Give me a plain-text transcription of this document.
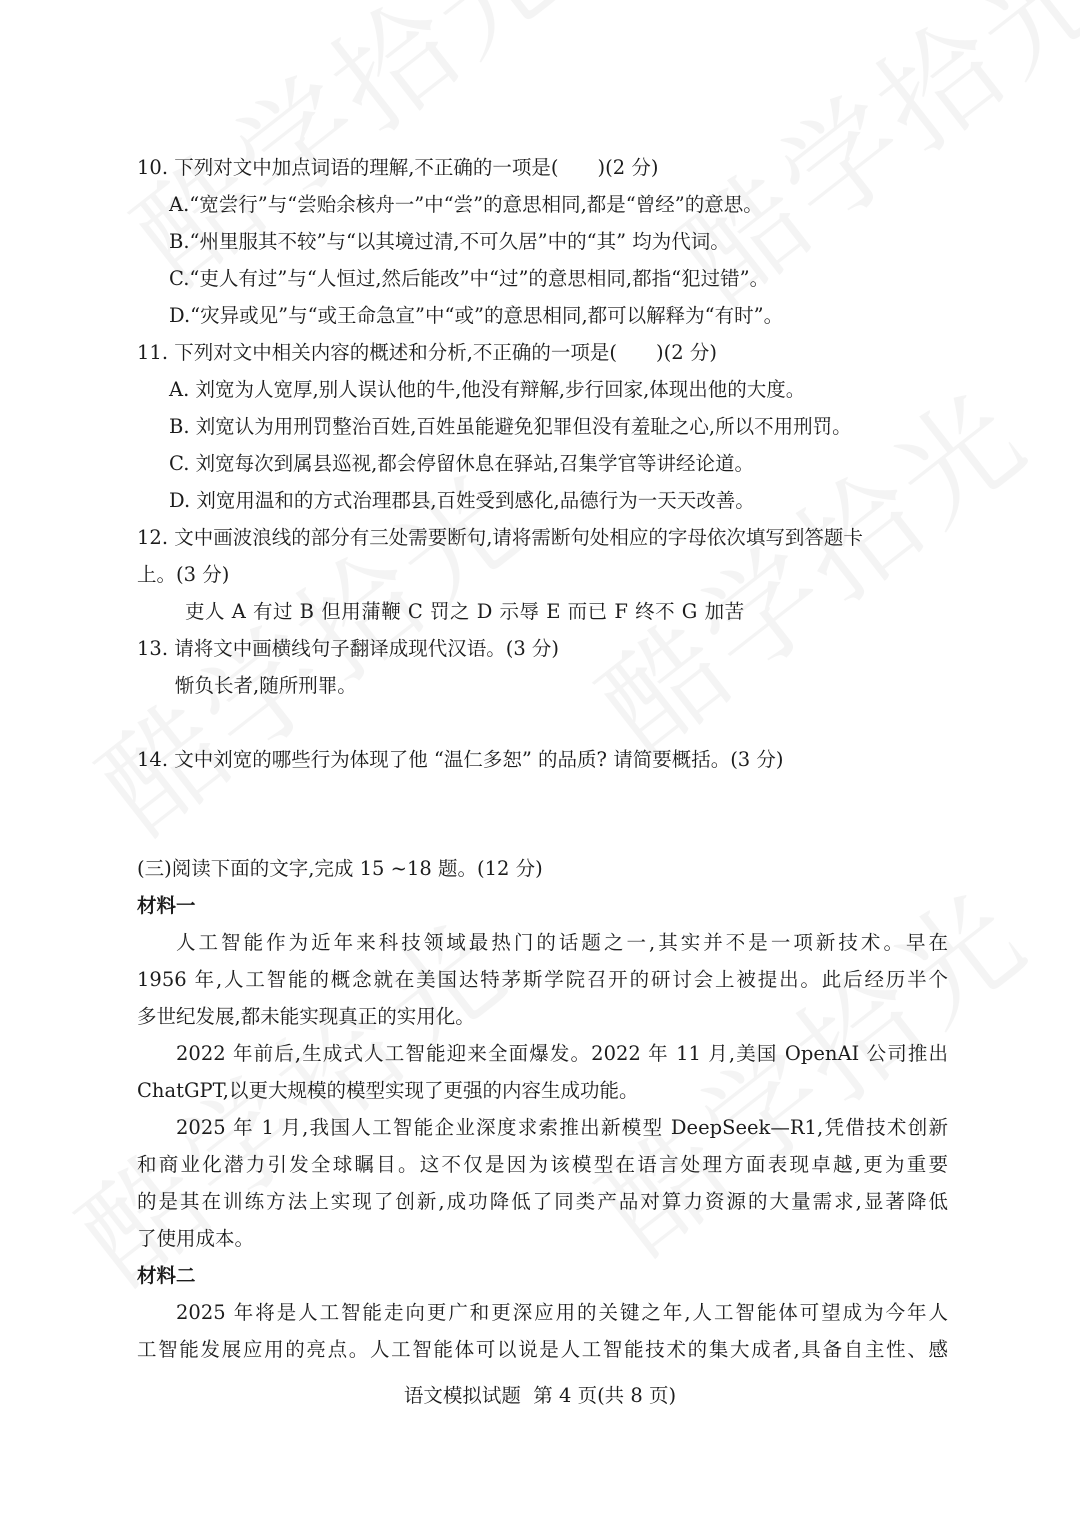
10. 下列对文中加点词语的理解,不正确的一项是(　　)(2 分)
A.“宽尝行”与“尝贻余核舟一”中“尝”的意思相同,都是“曾经”的意思。
B.“州里服其不较”与“以其境过清,不可久居”中的“其” 均为代词。
C.“吏人有过”与“人恒过,然后能改”中“过”的意思相同,都指“犯过错”。
D.“灾异或见”与“或王命急宣”中“或”的意思相同,都可以解释为“有时”。
11. 下列对文中相关内容的概述和分析,不正确的一项是(　　)(2 分)
A. 刘宽为人宽厚,别人误认他的牛,他没有辩解,步行回家,体现出他的大度。
B. 刘宽认为用刑罚整治百姓,百姓虽能避免犯罪但没有羞耻之心,所以不用刑罚。
C. 刘宽每次到属县巡视,都会停留休息在驿站,召集学官等讲经论道。
D. 刘宽用温和的方式治理郡县,百姓受到感化,品德行为一天天改善。
12. 文中画波浪线的部分有三处需要断句,请将需断句处相应的字母依次填写到答题卡
上。(3 分)
吏人 A 有过 B 但用蒲鞭 C 罚之 D 示辱 E 而已 F 终不 G 加苦
13. 请将文中画横线句子翻译成现代汉语。(3 分)
惭负长者,随所刑罪。
14. 文中刘宽的哪些行为体现了他 “温仁多恕” 的品质? 请简要概括。(3 分)
(三)阅读下面的文字,完成 15 ~18 题。(12 分)
材料一
人工智能作为近年来科技领域最热门的话题之一,其实并不是一项新技术。早在
1956 年,人工智能的概念就在美国达特茅斯学院召开的研讨会上被提出。此后经历半个
多世纪发展,都未能实现真正的实用化。
2022 年前后,生成式人工智能迎来全面爆发。2022 年 11 月,美国 OpenAI 公司推出
ChatGPT,以更大规模的模型实现了更强的内容生成功能。
2025 年 1 月,我国人工智能企业深度求索推出新模型 DeepSeek—R1,凭借技术创新
和商业化潜力引发全球瞩目。这不仅是因为该模型在语言处理方面表现卓越,更为重要
的是其在训练方法上实现了创新,成功降低了同类产品对算力资源的大量需求,显著降低
了使用成本。
材料二
2025 年将是人工智能走向更广和更深应用的关键之年,人工智能体可望成为今年人
工智能发展应用的亮点。人工智能体可以说是人工智能技术的集大成者,具备自主性、感
语文模拟试题  第 4 页(共 8 页)
